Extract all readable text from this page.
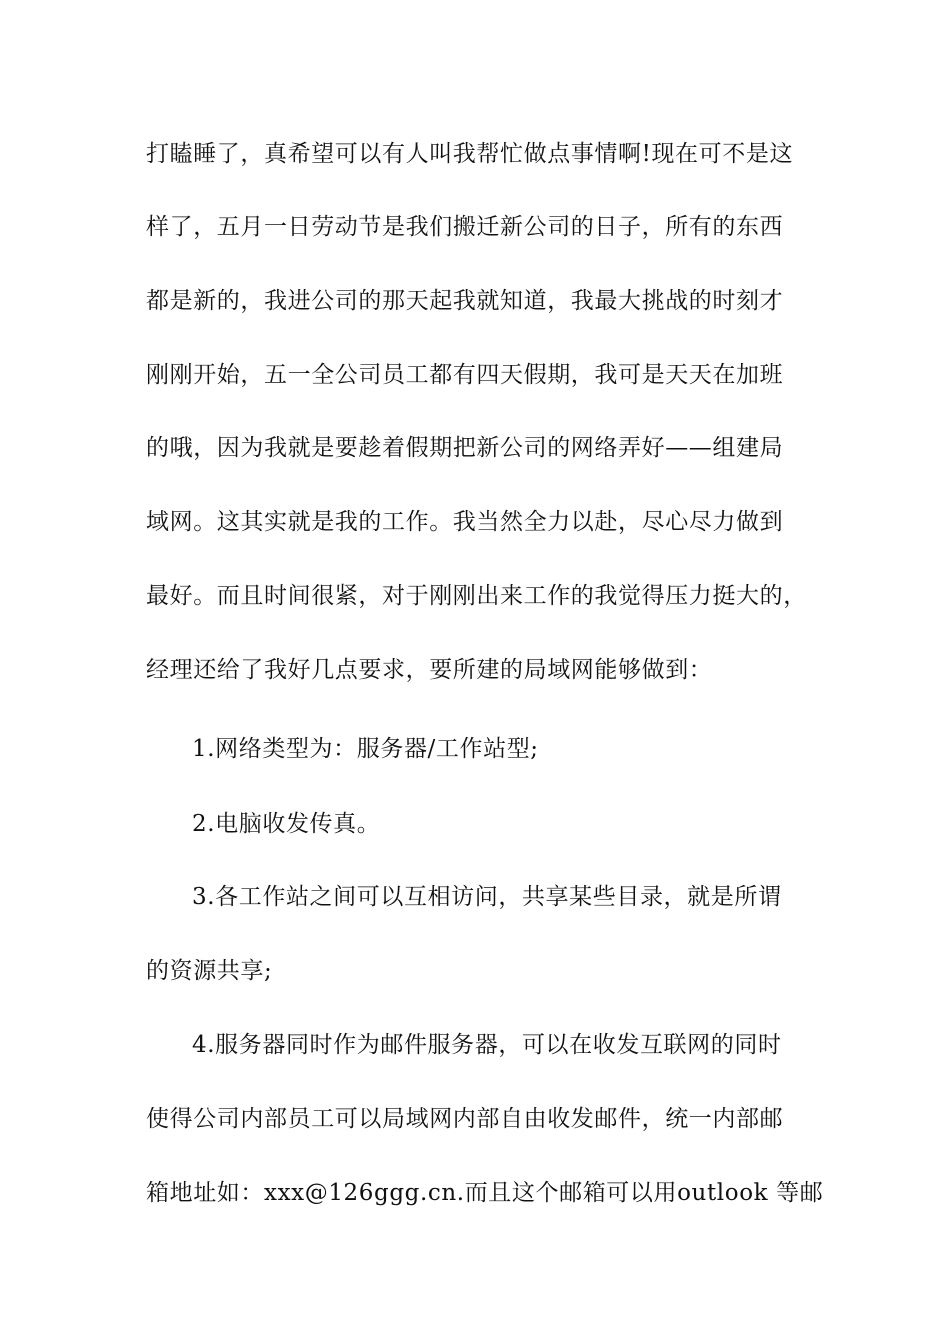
打瞌睡了，真希望可以有人叫我帮忙做点事情啊!现在可不是这
样了，五月一日劳动节是我们搬迁新公司的日子，所有的东西
都是新的，我进公司的那天起我就知道，我最大挑战的时刻才
刚刚开始，五一全公司员工都有四天假期，我可是天天在加班
的哦，因为我就是要趁着假期把新公司的网络弄好——组建局
域网。这其实就是我的工作。我当然全力以赴，尽心尽力做到
最好。而且时间很紧，对于刚刚出来工作的我觉得压力挺大的，
经理还给了我好几点要求，要所建的局域网能够做到：
1.网络类型为：服务器/工作站型;
2.电脑收发传真。
3.各工作站之间可以互相访问，共享某些目录，就是所谓
的资源共享;
4.服务器同时作为邮件服务器，可以在收发互联网的同时
使得公司内部员工可以局域网内部自由收发邮件，统一内部邮
箱地址如：xxx@126ggg.cn.而且这个邮箱可以用outlook 等邮
